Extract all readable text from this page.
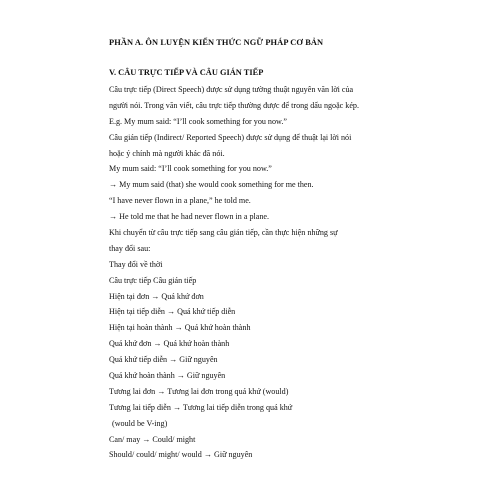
PHẦN A. ÔN LUYỆN KIẾN THỨC NGỮ PHÁP CƠ BẢN
V. CÂU TRỰC TIẾP VÀ CÂU GIÁN TIẾP
Câu trực tiếp (Direct Speech) được sử dụng tường thuật nguyên văn lời của
người nói. Trong văn viết, câu trực tiếp thường được để trong dấu ngoặc kép.
E.g. My mum said: “I’ll cook something for you now.”
Câu gián tiếp (Indirect/ Reported Speech) được sử dụng để thuật lại lời nói
hoặc ý chính mà người khác đã nói.
My mum said: “I’ll cook something for you now.”
→ My mum said (that) she would cook something for me then.
“I have never flown in a plane,” he told me.
→ He told me that he had never flown in a plane.
Khi chuyển từ câu trực tiếp sang câu gián tiếp, cần thực hiện những sự
thay đổi sau:
Thay đổi về thời
Câu trực tiếp Câu gián tiếp
Hiện tại đơn → Quá khứ đơn
Hiện tại tiếp diễn → Quá khứ tiếp diễn
Hiện tại hoàn thành → Quá khứ hoàn thành
Quá khứ đơn → Quá khứ hoàn thành
Quá khứ tiếp diễn → Giữ nguyên
Quá khứ hoàn thành → Giữ nguyên
Tương lai đơn → Tương lai đơn trong quá khứ (would)
Tương lai tiếp diễn → Tương lai tiếp diễn trong quá khứ
(would be V-ing)
Can/ may → Could/ might
Should/ could/ might/ would → Giữ nguyên
